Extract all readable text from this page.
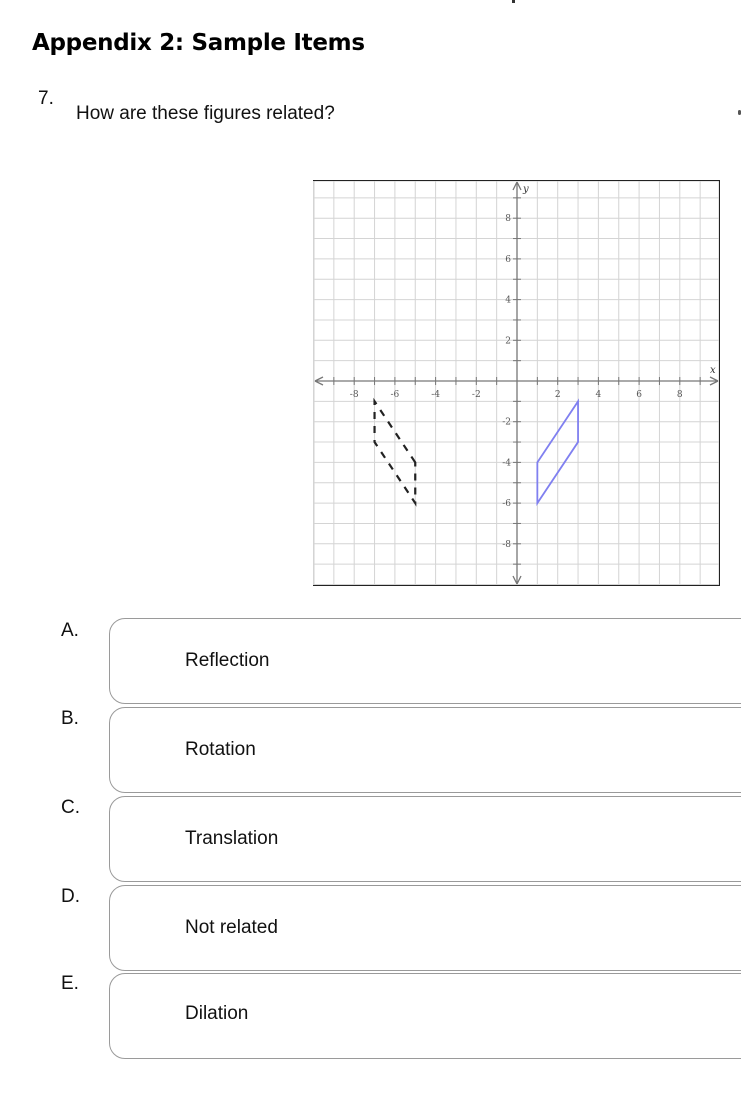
Appendix 2: Sample Items
7.
How are these figures related?
-8	-6	-4	-2	2	4	6	8
8
6
4
2
-2
-4
-6
-8
x
y
A.
Reflection
B.
Rotation
C.
Translation
D.
Not related
E.
Dilation
